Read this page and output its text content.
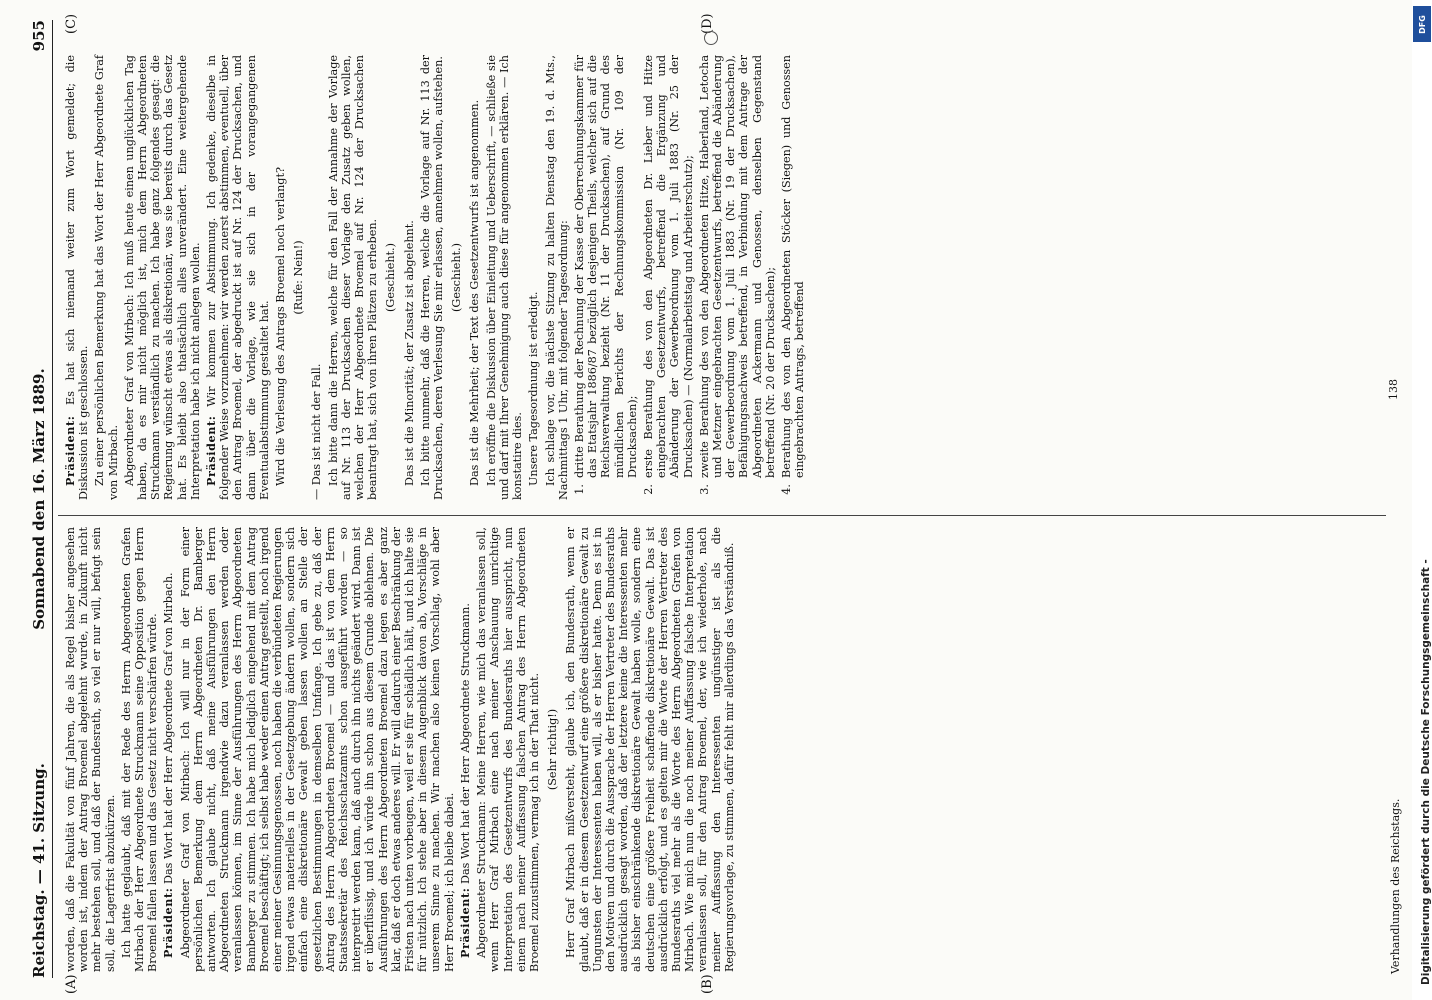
Reichstag. — 41. Sitzung.
Sonnabend den 16. März 1889.
955
(A)	(B)
(C)	(D)

worden, daß die Fakultät von fünf Jahren, die als Regel bisher angesehen worden ist, indem der Antrag Broemel abgelehnt wurde, in Zukunft nicht mehr bestehen soll, und daß der Bundesrath, so viel er nur will, befugt sein soll, die Lagerfrist abzukürzen. Ich hatte geglaubt, daß mit der Rede des Herrn Abgeordneten Grafen Mirbach der Herr Abgeordnete Struckmann seine Opposition gegen Herrn Broemel fallen lassen und das Gesetz nicht verschärfen würde. Präsident: Das Wort hat der Herr Abgeordnete Graf von Mirbach. Abgeordneter Graf von Mirbach: Ich will nur in der Form einer persönlichen Bemerkung dem Herrn Abgeordneten Dr. Bamberger antworten. Ich glaube nicht, daß meine Ausführungen den Herrn Abgeordneten Struckmann irgendwie dazu veranlassen werden oder veranlassen können, im Sinne der Ausführungen des Herrn Abgeordneten Bamberger zu stimmen. Ich habe mich lediglich eingehend mit dem Antrag Broemel beschäftigt; ich selbst habe weder einen Antrag gestellt, noch irgend einer meiner Gesinnungsgenossen, noch haben die verbündeten Regierungen irgend etwas materielles in der Gesetzgebung ändern wollen, sondern sich einfach eine diskretionäre Gewalt geben lassen wollen an Stelle der gesetzlichen Bestimmungen in demselben Umfange. Ich gebe zu, daß der Antrag des Herrn Abgeordneten Broemel — und das ist von dem Herrn Staatssekretär des Reichsschatzamts schon ausgeführt worden — so interpretirt werden kann, daß auch durch ihn nichts geändert wird. Dann ist er überflüssig, und ich würde ihn schon aus diesem Grunde ablehnen. Die Ausführungen des Herrn Abgeordneten Broemel dazu legen es aber ganz klar, daß er doch etwas anderes will. Er will dadurch einer Beschränkung der Fristen nach unten vorbeugen, weil er sie für schädlich hält, und ich halte sie für nützlich. Ich stehe aber in diesem Augenblick davon ab, Vorschläge in unserem Sinne zu machen. Wir machen also keinen Vorschlag, wohl aber Herr Broemel; ich bleibe dabei. Präsident: Das Wort hat der Herr Abgeordnete Struckmann. Abgeordneter Struckmann: Meine Herren, wie mich das veranlassen soll, wenn Herr Graf Mirbach eine nach meiner Anschauung unrichtige Interpretation des Gesetzentwurfs des Bundesraths hier ausspricht, nun einem nach meiner Auffassung falschen Antrag des Herrn Abgeordneten Broemel zuzustimmen, vermag ich in der That nicht. (Sehr richtig!) Herr Graf Mirbach mißversteht, glaube ich, den Bundesrath, wenn er glaubt, daß er in diesem Gesetzentwurf eine größere diskretionäre Gewalt zu Ungunsten der Interessenten haben will, als er bisher hatte. Denn es ist in den Motiven und durch die Aussprache der Herren Vertreter des Bundesraths ausdrücklich gesagt worden, daß der letztere keine die Interessenten mehr als bisher einschränkende diskretionäre Gewalt haben wolle, sondern eine deutschen eine größere Freiheit schaffende diskretionäre Gewalt. Das ist ausdrücklich erfolgt, und es gelten mir die Worte der Herren Vertreter des Bundesraths viel mehr als die Worte des Herrn Abgeordneten Grafen von Mirbach. Wie mich nun die noch meiner Auffassung falsche Interpretation veranlassen soll, für den Antrag Broemel, der, wie ich wiederhole, nach meiner Auffassung den Interessenten ungünstiger ist als die Regierungsvorlage, zu stimmen, dafür fehlt mir allerdings das Verständniß.

Präsident: Es hat sich niemand weiter zum Wort gemeldet; die Diskussion ist geschlossen. Zu einer persönlichen Bemerkung hat das Wort der Herr Abgeordnete Graf von Mirbach. Abgeordneter Graf von Mirbach: Ich muß heute einen unglücklichen Tag haben, da es mir nicht möglich ist, mich dem Herrn Abgeordneten Struckmann verständlich zu machen. Ich habe ganz folgendes gesagt: die Regierung wünscht etwas als diskretionär, was sie bereits durch das Gesetz hat. Es bleibt also thatsächlich alles unverändert. Eine weitergehende Interpretation habe ich nicht anlegen wollen. Präsident: Wir kommen zur Abstimmung. Ich gedenke, dieselbe in folgender Weise vorzunehmen: wir werden zuerst abstimmen, eventuell, über den Antrag Broemel, der abgedruckt ist auf Nr. 124 der Drucksachen, und dann über die Vorlage, wie sie sich in der vorangegangenen Eventualabstimmung gestaltet hat. Wird die Verlesung des Antrags Broemel noch verlangt? (Rufe: Nein!)

— Das ist nicht der Fall. Ich bitte dann die Herren, welche für den Fall der Annahme der Vorlage auf Nr. 113 der Drucksachen dieser Vorlage den Zusatz geben wollen, welchen der Herr Abgeordnete Broemel auf Nr. 124 der Drucksachen beantragt hat, sich von ihren Plätzen zu erheben. (Geschieht.) Das ist die Minorität; der Zusatz ist abgelehnt. Ich bitte nunmehr, daß die Herren, welche die Vorlage auf Nr. 113 der Drucksachen, deren Verlesung Sie mir erlassen, annehmen wollen, aufstehen. (Geschieht.) Das ist die Mehrheit; der Text des Gesetzentwurfs ist angenommen. Ich eröffne die Diskussion über Einleitung und Ueberschrift, — schließe sie und darf mit Ihrer Genehmigung auch diese für angenommen erklären. — Ich konstatire dies. Unsere Tagesordnung ist erledigt. Ich schlage vor, die nächste Sitzung zu halten Dienstag den 19. d. Mts., Nachmittags 1 Uhr, mit folgender Tagesordnung: 1.
dritte Berathung der Rechnung der Kasse der Oberrechnungskammer für das Etatsjahr 1886/87 bezüglich desjenigen Theils, welcher sich auf die Reichsverwaltung bezieht (Nr. 11 der Drucksachen), auf Grund des mündlichen Berichts der Rechnungskommission (Nr. 109 der Drucksachen);
2.
erste Berathung des von den Abgeordneten Dr. Lieber und Hitze eingebrachten Gesetzentwurfs, betreffend die Ergänzung und Abänderung der Gewerbeordnung vom 1. Juli 1883 (Nr. 25 der Drucksachen) — (Normalarbeitstag und Arbeiterschutz);
3.
zweite Berathung des von den Abgeordneten Hitze, Haberland, Letocha und Metzner eingebrachten Gesetzentwurfs, betreffend die Abänderung der Gewerbeordnung vom 1. Juli 1883 (Nr. 19 der Drucksachen), Befähigungsnachweis betreffend, in Verbindung mit dem Antrage der Abgeordneten Ackermann und Genossen, denselben Gegenstand betreffend (Nr. 20 der Drucksachen);
4.
Berathung des von den Abgeordneten Stöcker (Siegen) und Genossen eingebrachten Antrags, betreffend
Verhandlungen des Reichstags.
138
DFG
Digitalisierung gefördert durch die Deutsche Forschungsgemeinschaft -
